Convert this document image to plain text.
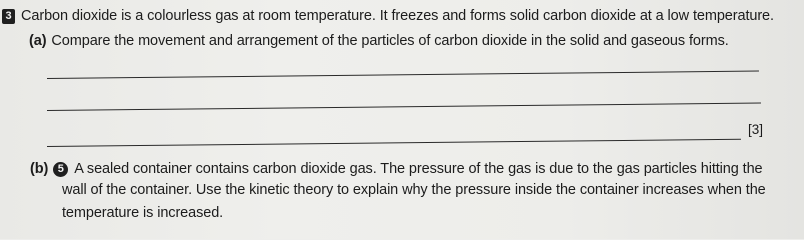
3 Carbon dioxide is a colourless gas at room temperature. It freezes and forms solid carbon dioxide at a low temperature.
(a) Compare the movement and arrangement of the particles of carbon dioxide in the solid and gaseous forms.
[3]
(b) 5 A sealed container contains carbon dioxide gas. The pressure of the gas is due to the gas particles hitting the
wall of the container. Use the kinetic theory to explain why the pressure inside the container increases when the
temperature is increased.
